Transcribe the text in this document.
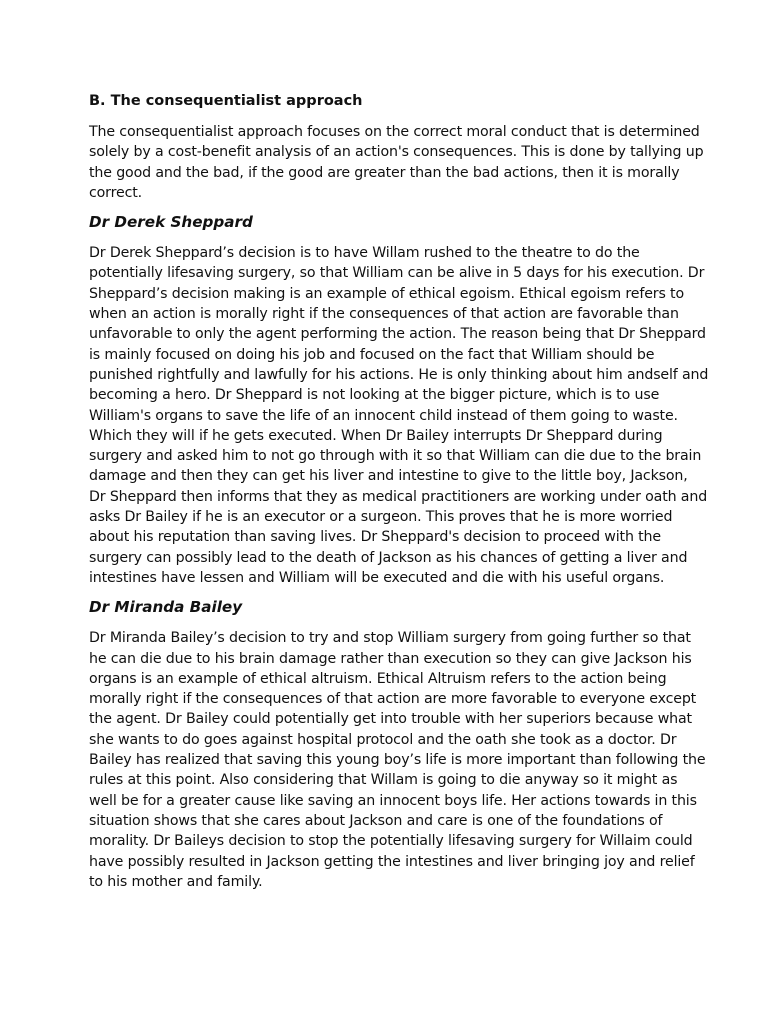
B. The consequentialist approach
The consequentialist approach focuses on the correct moral conduct that is determined
solely by a cost-benefit analysis of an action's consequences. This is done by tallying up
the good and the bad, if the good are greater than the bad actions, then it is morally
correct.
Dr Derek Sheppard
Dr Derek Sheppard’s decision is to have Willam rushed to the theatre to do the
potentially lifesaving surgery, so that William can be alive in 5 days for his execution. Dr
Sheppard’s decision making is an example of ethical egoism. Ethical egoism refers to
when an action is morally right if the consequences of that action are favorable than
unfavorable to only the agent performing the action. The reason being that Dr Sheppard
is mainly focused on doing his job and focused on the fact that William should be
punished rightfully and lawfully for his actions. He is only thinking about him andself and
becoming a hero. Dr Sheppard is not looking at the bigger picture, which is to use
William's organs to save the life of an innocent child instead of them going to waste.
Which they will if he gets executed. When Dr Bailey interrupts Dr Sheppard during
surgery and asked him to not go through with it so that William can die due to the brain
damage and then they can get his liver and intestine to give to the little boy, Jackson,
Dr Sheppard then informs that they as medical practitioners are working under oath and
asks Dr Bailey if he is an executor or a surgeon. This proves that he is more worried
about his reputation than saving lives. Dr Sheppard's decision to proceed with the
surgery can possibly lead to the death of Jackson as his chances of getting a liver and
intestines have lessen and William will be executed and die with his useful organs.
Dr Miranda Bailey
Dr Miranda Bailey’s decision to try and stop William surgery from going further so that
he can die due to his brain damage rather than execution so they can give Jackson his
organs is an example of ethical altruism. Ethical Altruism refers to the action being
morally right if the consequences of that action are more favorable to everyone except
the agent. Dr Bailey could potentially get into trouble with her superiors because what
she wants to do goes against hospital protocol and the oath she took as a doctor. Dr
Bailey has realized that saving this young boy’s life is more important than following the
rules at this point. Also considering that Willam is going to die anyway so it might as
well be for a greater cause like saving an innocent boys life. Her actions towards in this
situation shows that she cares about Jackson and care is one of the foundations of
morality. Dr Baileys decision to stop the potentially lifesaving surgery for Willaim could
have possibly resulted in Jackson getting the intestines and liver bringing joy and relief
to his mother and family.
